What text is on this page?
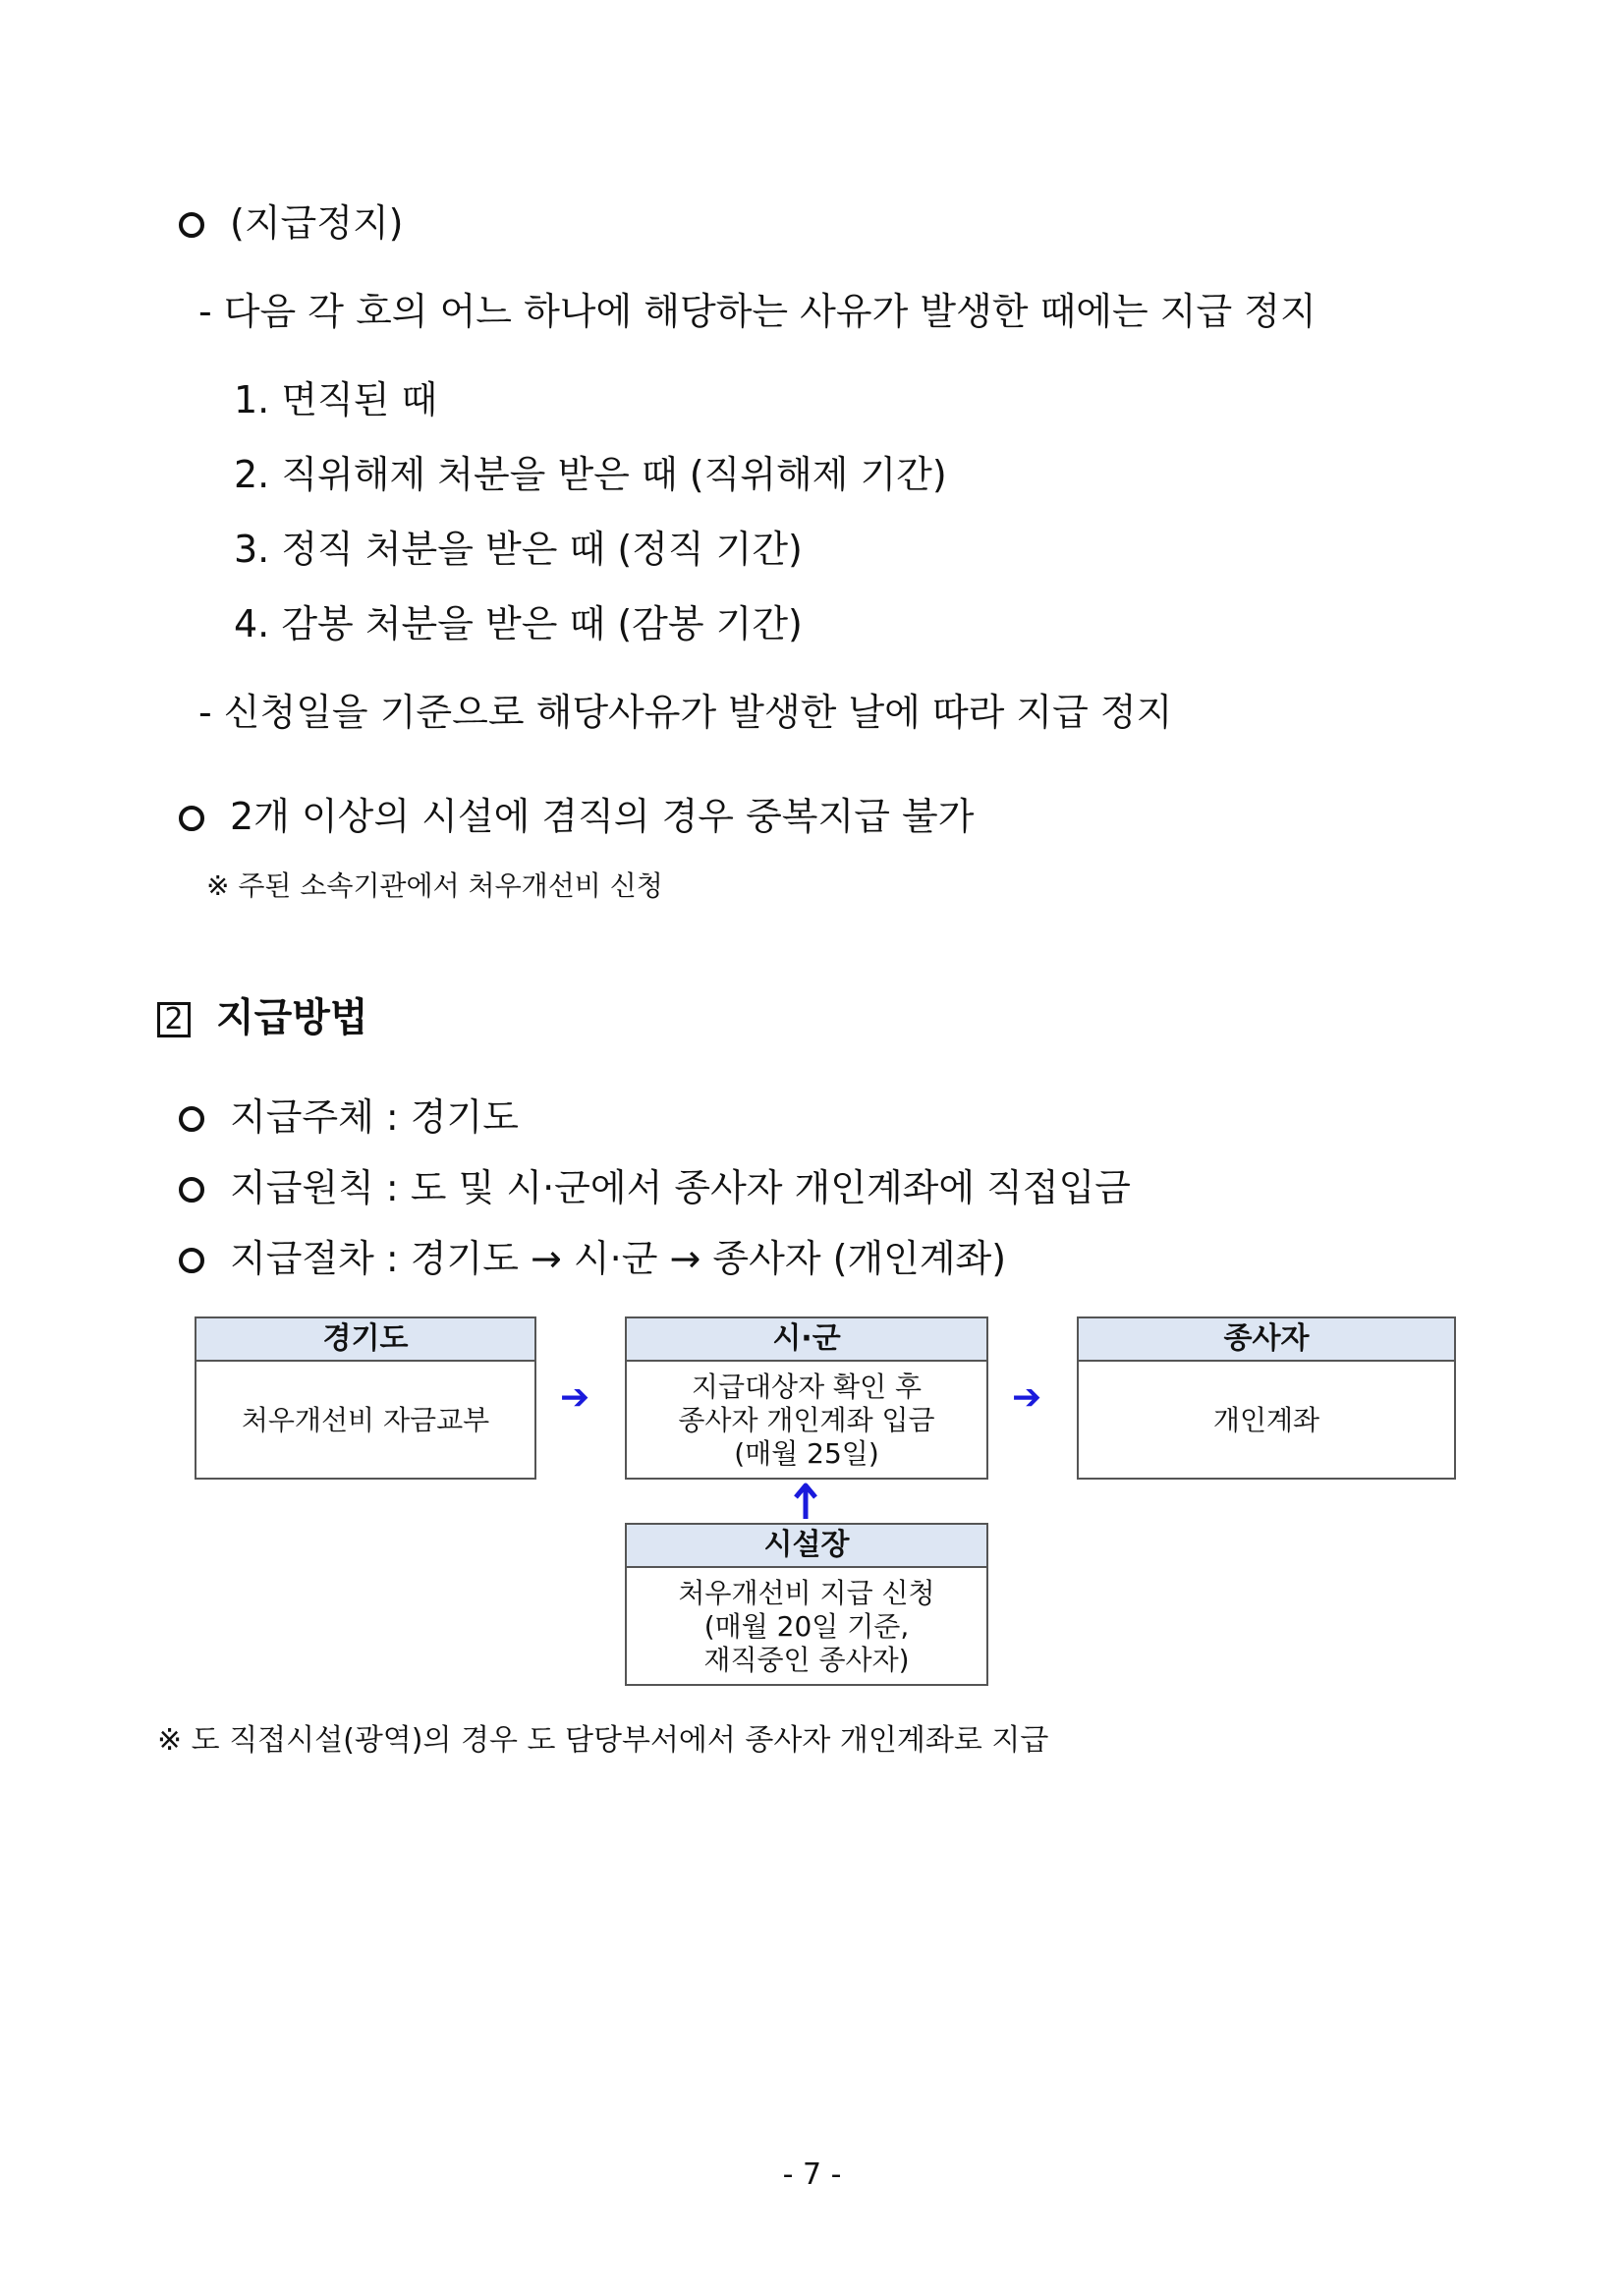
(지급정지)
- 다음 각 호의 어느 하나에 해당하는 사유가 발생한 때에는 지급 정지
1. 면직된 때
2. 직위해제 처분을 받은 때 (직위해제 기간)
3. 정직 처분을 받은 때 (정직 기간)
4. 감봉 처분을 받은 때 (감봉 기간)
- 신청일을 기준으로 해당사유가 발생한 날에 따라 지급 정지
2개 이상의 시설에 겸직의 경우 중복지급 불가
※ 주된 소속기관에서 처우개선비 신청
2 지급방법
지급주체 : 경기도
지급원칙 : 도 및 시·군에서 종사자 개인계좌에 직접입금
지급절차 : 경기도 → 시·군 → 종사자 (개인계좌)
경기도
처우개선비 자금교부
➔
시·군
지급대상자 확인 후
종사자 개인계좌 입금
(매월 25일)
➔
종사자
개인계좌
시설장
처우개선비 지급 신청
(매월 20일 기준,
재직중인 종사자)
※ 도 직접시설(광역)의 경우 도 담당부서에서 종사자 개인계좌로 지급
- 7 -
